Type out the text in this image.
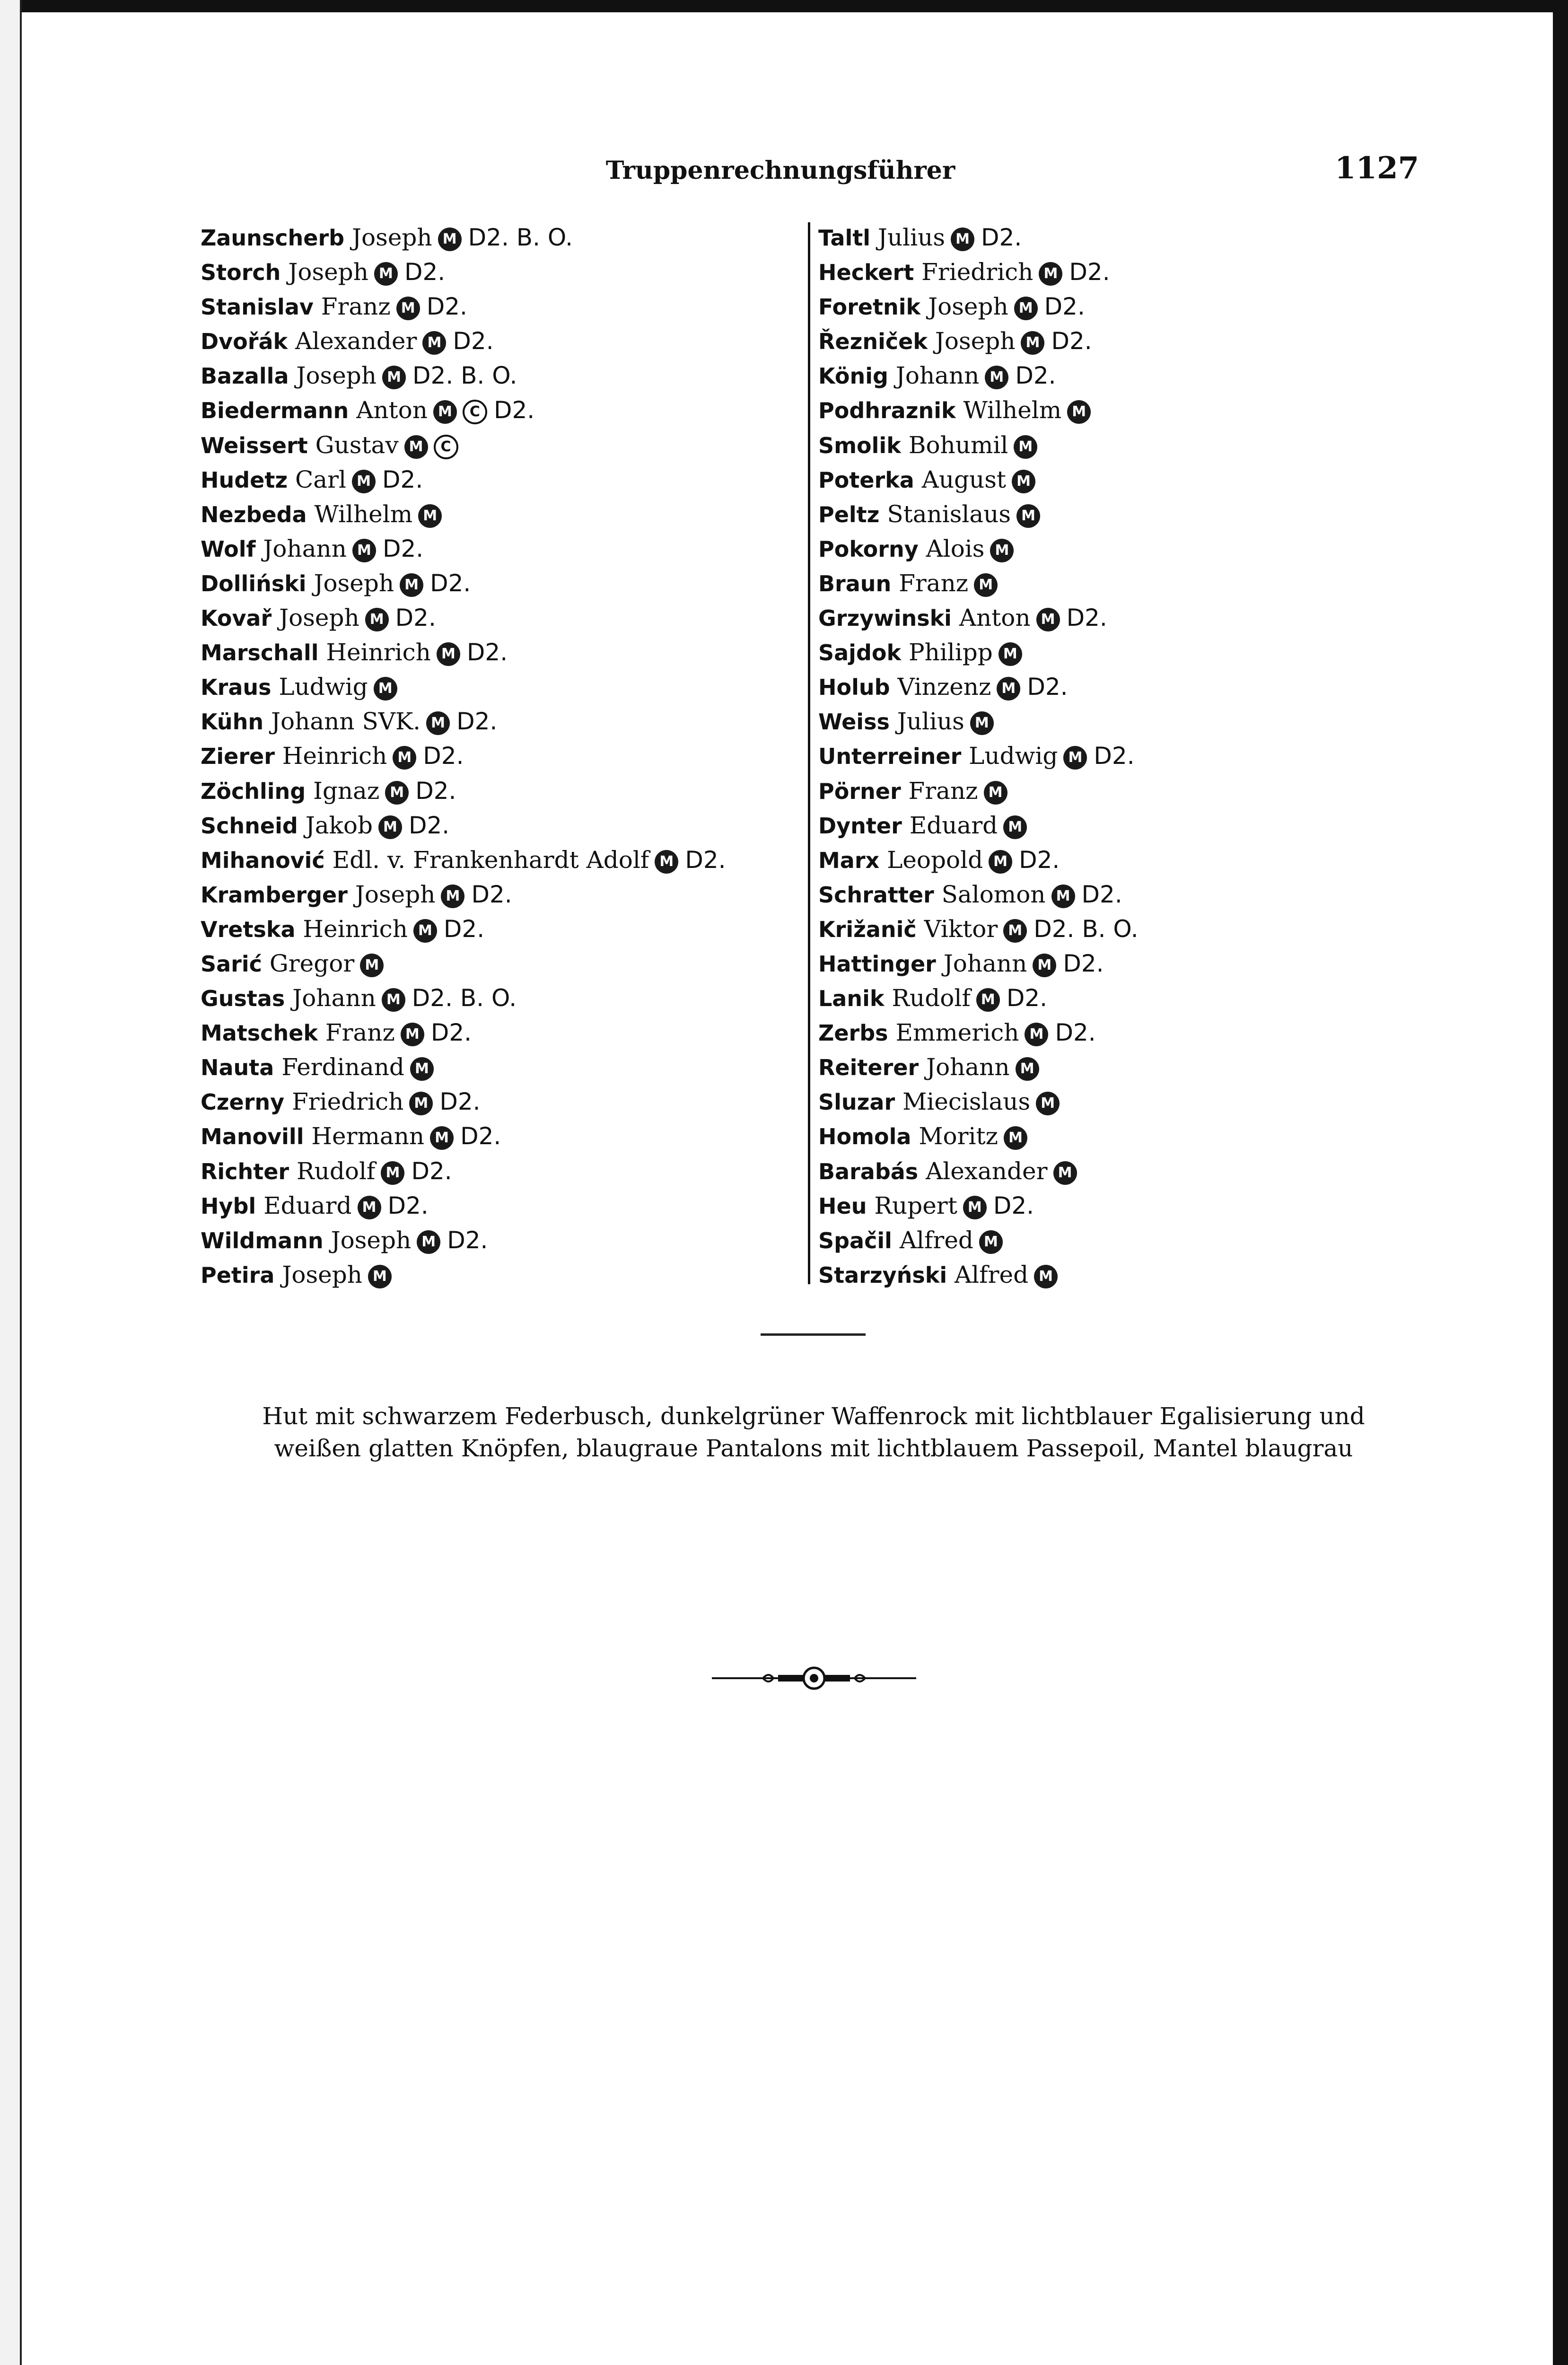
Truppenrechnungsführer	1127
Zaunscherb Joseph M D2. B. O.
Storch Joseph M D2.
Stanislav Franz M D2.
Dvořák Alexander M D2.
Bazalla Joseph M D2. B. O.
Biedermann Anton M C D2.
Weissert Gustav M C
Hudetz Carl M D2.
Nezbeda Wilhelm M
Wolf Johann M D2.
Dolliński Joseph M D2.
Kovař Joseph M D2.
Marschall Heinrich M D2.
Kraus Ludwig M
Kühn Johann SVK. M D2.
Zierer Heinrich M D2.
Zöchling Ignaz M D2.
Schneid Jakob M D2.
Mihanović Edl. v. Frankenhardt Adolf M D2.
Kramberger Joseph M D2.
Vretska Heinrich M D2.
Sarić Gregor M
Gustas Johann M D2. B. O.
Matschek Franz M D2.
Nauta Ferdinand M
Czerny Friedrich M D2.
Manovill Hermann M D2.
Richter Rudolf M D2.
Hybl Eduard M D2.
Wildmann Joseph M D2.
Petira Joseph M
Taltl Julius M D2.
Heckert Friedrich M D2.
Foretnik Joseph M D2.
Řezniček Joseph M D2.
König Johann M D2.
Podhraznik Wilhelm M
Smolik Bohumil M
Poterka August M
Peltz Stanislaus M
Pokorny Alois M
Braun Franz M
Grzywinski Anton M D2.
Sajdok Philipp M
Holub Vinzenz M D2.
Weiss Julius M
Unterreiner Ludwig M D2.
Pörner Franz M
Dynter Eduard M
Marx Leopold M D2.
Schratter Salomon M D2.
Križanič Viktor M D2. B. O.
Hattinger Johann M D2.
Lanik Rudolf M D2.
Zerbs Emmerich M D2.
Reiterer Johann M
Sluzar Miecislaus M
Homola Moritz M
Barabás Alexander M
Heu Rupert M D2.
Spačil Alfred M
Starzyński Alfred M

Hut mit schwarzem Federbusch, dunkelgrüner Waffenrock mit lichtblauer Egalisierung und

weißen glatten Knöpfen, blaugraue Pantalons mit lichtblauem Passepoil, Mantel blaugrau
